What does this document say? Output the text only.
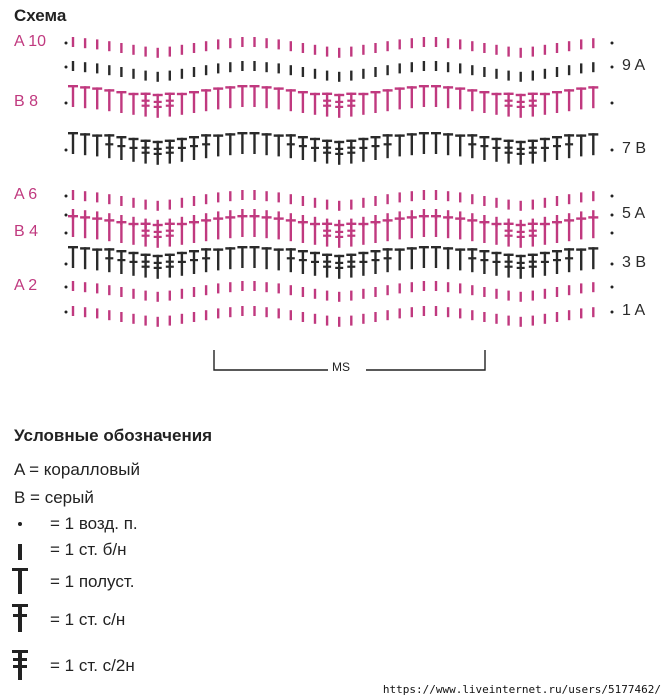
Схема
MS
A 10
B 8
A 6
B 4
A 2
9 A
7 B
5 A
3 B
1 A
Условные обозначения
A = коралловый
B = серый
= 1 возд. п.
= 1 ст. б/н
= 1 полуст.
= 1 ст. с/н
= 1 ст. с/2н
https://www.liveinternet.ru/users/5177462/
